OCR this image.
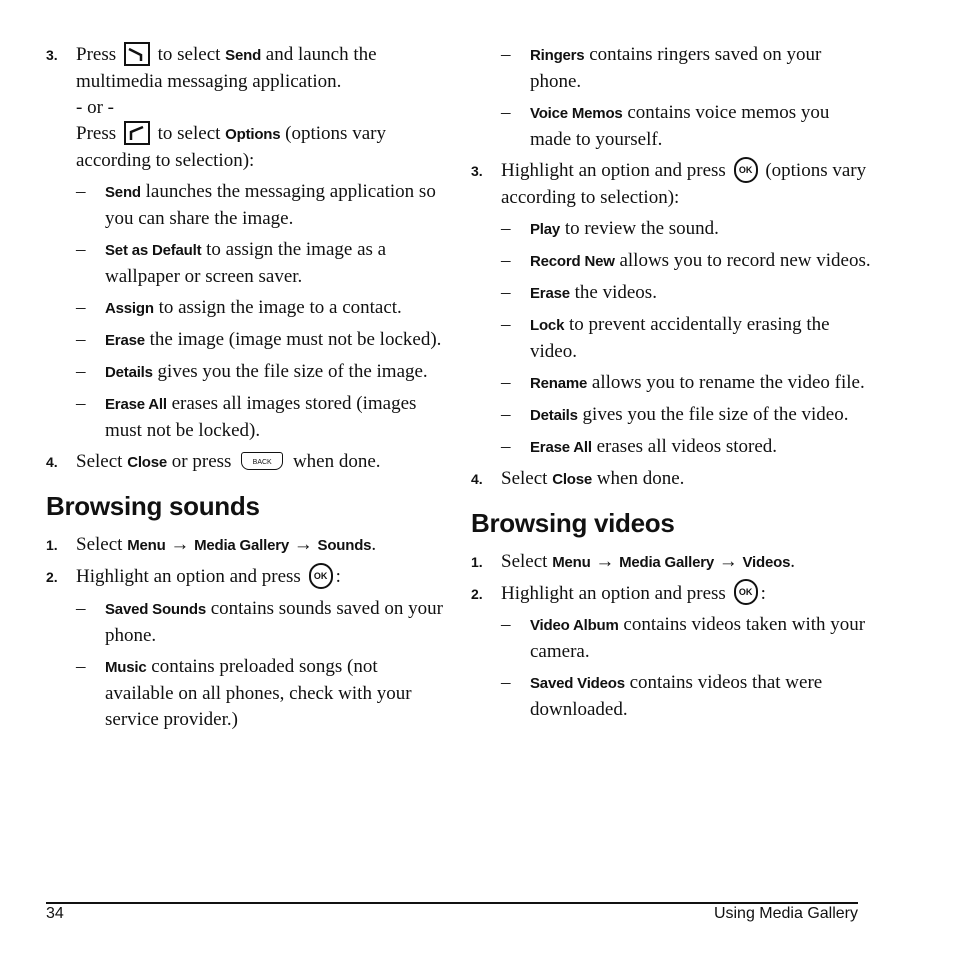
3. Press
to select Send and launch the multimedia messaging application.
- or -
Press
to select Options (options vary according to selection):
– Send launches the messaging application so you can share the image.
– Set as Default to assign the image as a wallpaper or screen saver.
– Assign to assign the image to a contact.
– Erase the image (image must not be locked).
– Details gives you the file size of the image.
– Erase All erases all images stored (images must not be locked).
4. Select Close or press BACK when done.
Browsing sounds
1. Select Menu → Media Gallery → Sounds.
2. Highlight an option and press OK :
– Saved Sounds contains sounds saved on your phone.
– Music contains preloaded songs (not available on all phones, check with your service provider.)
– Ringers contains ringers saved on your phone.
– Voice Memos contains voice memos you made to yourself.
3. Highlight an option and press OK (options vary according to selection):
– Play to review the sound.
– Record New allows you to record new videos.
– Erase the videos.
– Lock to prevent accidentally erasing the video.
– Rename allows you to rename the video file.
– Details gives you the file size of the video.
– Erase All erases all videos stored.
4. Select Close when done.
Browsing videos
1. Select Menu → Media Gallery → Videos.
2. Highlight an option and press OK :
– Video Album contains videos taken with your camera.
– Saved Videos contains videos that were downloaded.
34	Using Media Gallery
